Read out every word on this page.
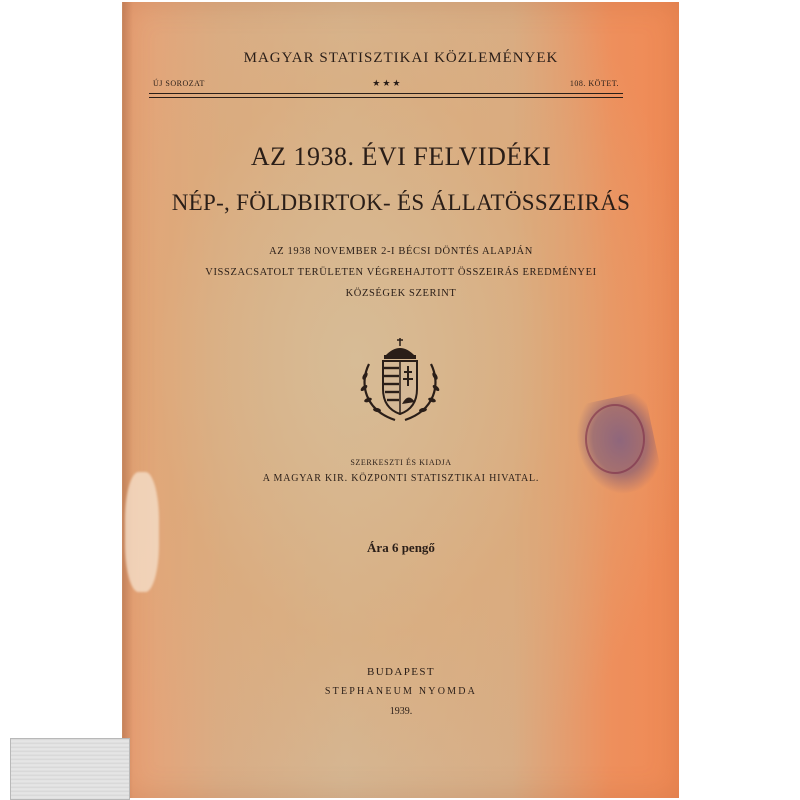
MAGYAR STATISZTIKAI KÖZLEMÉNYEK
ÚJ SOROZAT	★★★	108. KÖTET.
AZ 1938. ÉVI FELVIDÉKI
NÉP-, FÖLDBIRTOK- ÉS ÁLLATÖSSZEIRÁS
AZ 1938 NOVEMBER 2-I BÉCSI DÖNTÉS ALAPJÁN
VISSZACSATOLT TERÜLETEN VÉGREHAJTOTT ÖSSZEIRÁS EREDMÉNYEI
KÖZSÉGEK SZERINT
SZERKESZTI ÉS KIADJA
A MAGYAR KIR. KÖZPONTI STATISZTIKAI HIVATAL.
Ára 6 pengő
BUDAPEST
STEPHANEUM NYOMDA
1939.
